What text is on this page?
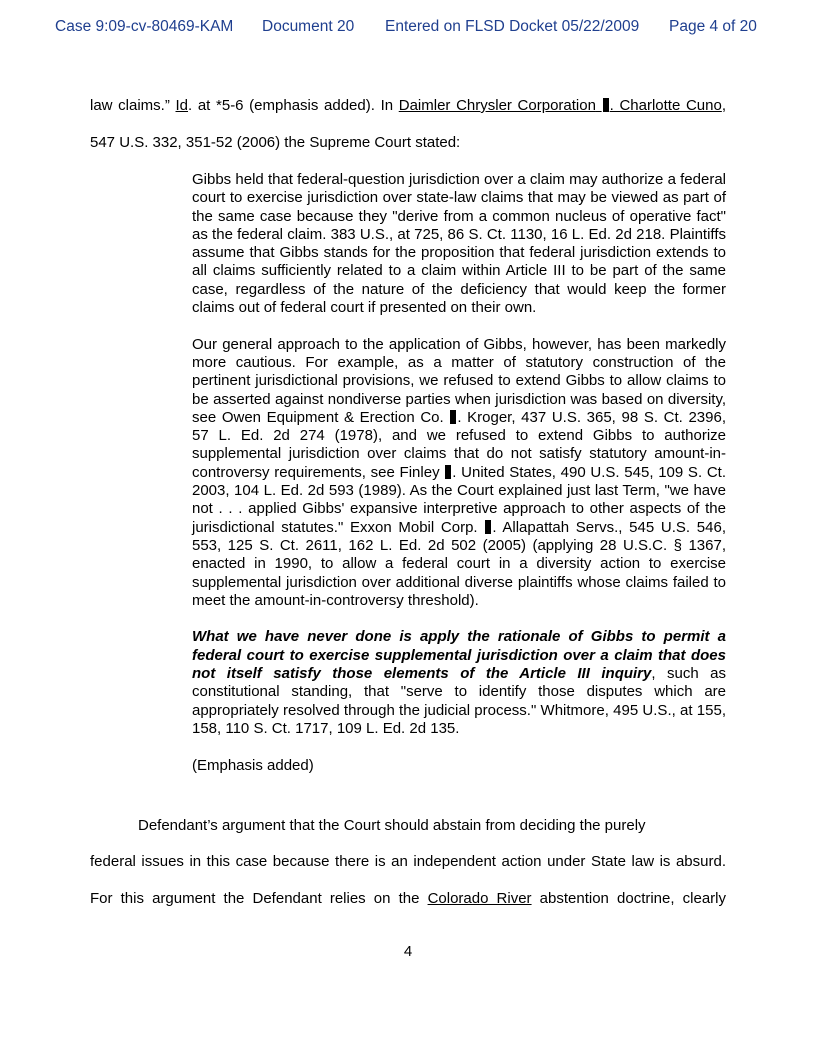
Case 9:09-cv-80469-KAM Document 20 Entered on FLSD Docket 05/22/2009 Page 4 of 20
law claims.” Id. at *5-6 (emphasis added). In Daimler Chrysler Corporation . Charlotte Cuno,
547 U.S. 332, 351-52 (2006) the Supreme Court stated:

Gibbs held that federal-question jurisdiction over a claim may authorize a federal court to exercise jurisdiction over state-law claims that may be viewed as part of the same case because they "derive from a common nucleus of operative fact" as the federal claim. 383 U.S., at 725, 86 S. Ct. 1130, 16 L. Ed. 2d 218. Plaintiffs assume that Gibbs stands for the proposition that federal jurisdiction extends to all claims sufficiently related to a claim within Article III to be part of the same case, regardless of the nature of the deficiency that would keep the former claims out of federal court if presented on their own.

Our general approach to the application of Gibbs, however, has been markedly more cautious. For example, as a matter of statutory construction of the pertinent jurisdictional provisions, we refused to extend Gibbs to allow claims to be asserted against nondiverse parties when jurisdiction was based on diversity, see Owen Equipment & Erection Co. . Kroger, 437 U.S. 365, 98 S. Ct. 2396, 57 L. Ed. 2d 274 (1978), and we refused to extend Gibbs to authorize supplemental jurisdiction over claims that do not satisfy statutory amount-in-controversy requirements, see Finley . United States, 490 U.S. 545, 109 S. Ct. 2003, 104 L. Ed. 2d 593 (1989). As the Court explained just last Term, "we have not . . . applied Gibbs' expansive interpretive approach to other aspects of the jurisdictional statutes." Exxon Mobil Corp. . Allapattah Servs., 545 U.S. 546, 553, 125 S. Ct. 2611, 162 L. Ed. 2d 502 (2005) (applying 28 U.S.C. § 1367, enacted in 1990, to allow a federal court in a diversity action to exercise supplemental jurisdiction over additional diverse plaintiffs whose claims failed to meet the amount-in-controversy threshold).

What we have never done is apply the rationale of Gibbs to permit a federal court to exercise supplemental jurisdiction over a claim that does not itself satisfy those elements of the Article III inquiry, such as constitutional standing, that "serve to identify those disputes which are appropriately resolved through the judicial process." Whitmore, 495 U.S., at 155, 158, 110 S. Ct. 1717, 109 L. Ed. 2d 135.

(Emphasis added)

Defendant’s argument that the Court should abstain from deciding the purely
federal issues in this case because there is an independent action under State law is absurd.
For this argument the Defendant relies on the Colorado River abstention doctrine, clearly
4
